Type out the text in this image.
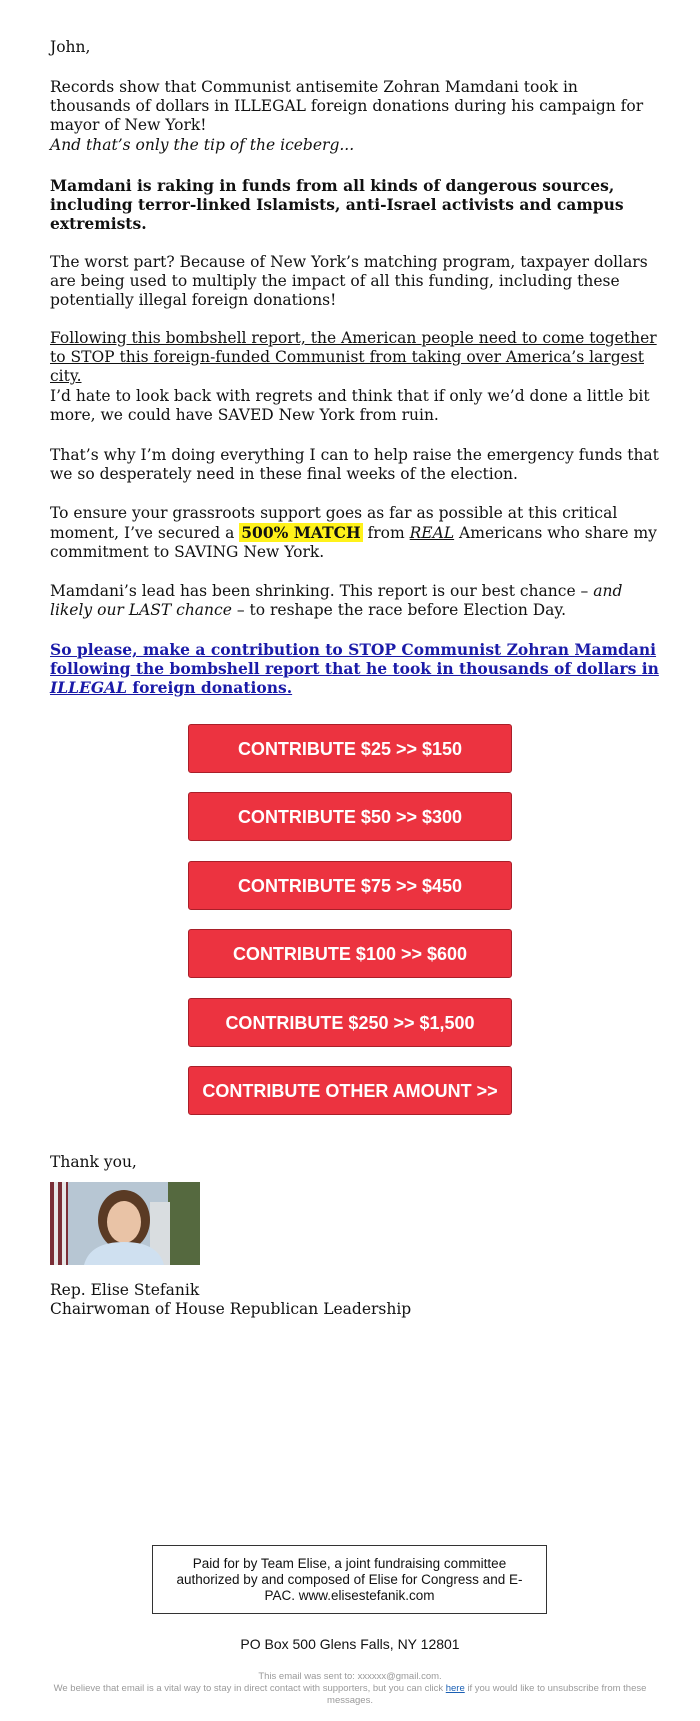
John,

Records show that Communist antisemite Zohran Mamdani took in thousands of dollars in ILLEGAL foreign donations during his campaign for mayor of New York!

And that’s only the tip of the iceberg...

Mamdani is raking in funds from all kinds of dangerous sources, including terror-linked Islamists, anti-Israel activists and campus extremists.

The worst part? Because of New York’s matching program, taxpayer dollars are being used to multiply the impact of all this funding, including these potentially illegal foreign donations!

Following this bombshell report, the American people need to come together to STOP this foreign-funded Communist from taking over America’s largest city.

I’d hate to look back with regrets and think that if only we’d done a little bit more, we could have SAVED New York from ruin.

That’s why I’m doing everything I can to help raise the emergency funds that we so desperately need in these final weeks of the election.

To ensure your grassroots support goes as far as possible at this critical moment, I’ve secured a 500% MATCH from REAL Americans who share my commitment to SAVING New York.

Mamdani’s lead has been shrinking. This report is our best chance – and likely our LAST chance – to reshape the race before Election Day.

So please, make a contribution to STOP Communist Zohran Mamdani following the bombshell report that he took in thousands of dollars in ILLEGAL foreign donations.

CONTRIBUTE $25 >> $150
CONTRIBUTE $50 >> $300
CONTRIBUTE $75 >> $450
CONTRIBUTE $100 >> $600
CONTRIBUTE $250 >> $1,500
CONTRIBUTE OTHER AMOUNT >>

Thank you,

Rep. Elise Stefanik

Chairwoman of House Republican Leadership

Paid for by Team Elise, a joint fundraising committee authorized by and composed of Elise for Congress and E-PAC. www.elisestefanik.com
PO Box 500 Glens Falls, NY 12801
This email was sent to: xxxxxx@gmail.com.
We believe that email is a vital way to stay in direct contact with supporters, but you can click here if you would like to unsubscribe from these messages.
